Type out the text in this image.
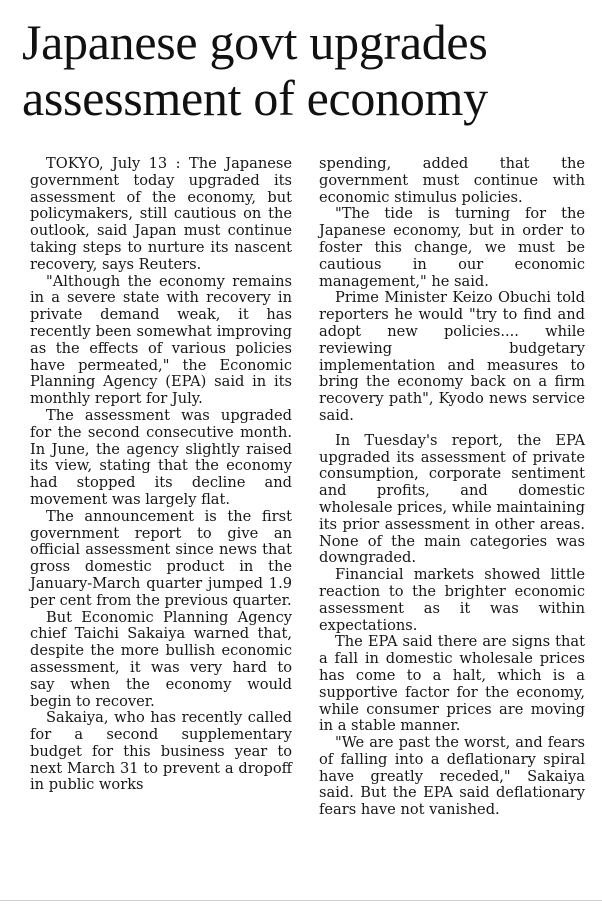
Japanese govt upgrades assessment of economy

TOKYO, July 13 : The Japanese government today upgraded its assessment of the economy, but policymakers, still cautious on the outlook, said Japan must continue taking steps to nurture its nascent recovery, says Reuters.

"Although the economy remains in a severe state with recovery in private demand weak, it has recently been somewhat improving as the effects of various policies have permeated," the Economic Planning Agency (EPA) said in its monthly report for July.

The assessment was upgraded for the second consecutive month. In June, the agency slightly raised its view, stating that the economy had stopped its decline and movement was largely flat.

The announcement is the first government report to give an official assessment since news that gross domestic product in the January-March quarter jumped 1.9 per cent from the previous quarter.

But Economic Planning Agency chief Taichi Sakaiya warned that, despite the more bullish economic assessment, it was very hard to say when the economy would begin to recover.

Sakaiya, who has recently called for a second supplementary budget for this business year to next March 31 to prevent a dropoff in public works

spending, added that the government must continue with economic stimulus policies.

"The tide is turning for the Japanese economy, but in order to foster this change, we must be cautious in our economic management," he said.

Prime Minister Keizo Obuchi told reporters he would "try to find and adopt new policies.... while reviewing budgetary implementation and measures to bring the economy back on a firm recovery path", Kyodo news service said.

In Tuesday's report, the EPA upgraded its assessment of private consumption, corporate sentiment and profits, and domestic wholesale prices, while maintaining its prior assessment in other areas. None of the main categories was downgraded.

Financial markets showed little reaction to the brighter economic assessment as it was within expectations.

The EPA said there are signs that a fall in domestic wholesale prices has come to a halt, which is a supportive factor for the economy, while consumer prices are moving in a stable manner.

"We are past the worst, and fears of falling into a deflationary spiral have greatly receded," Sakaiya said. But the EPA said deflationary fears have not vanished.
